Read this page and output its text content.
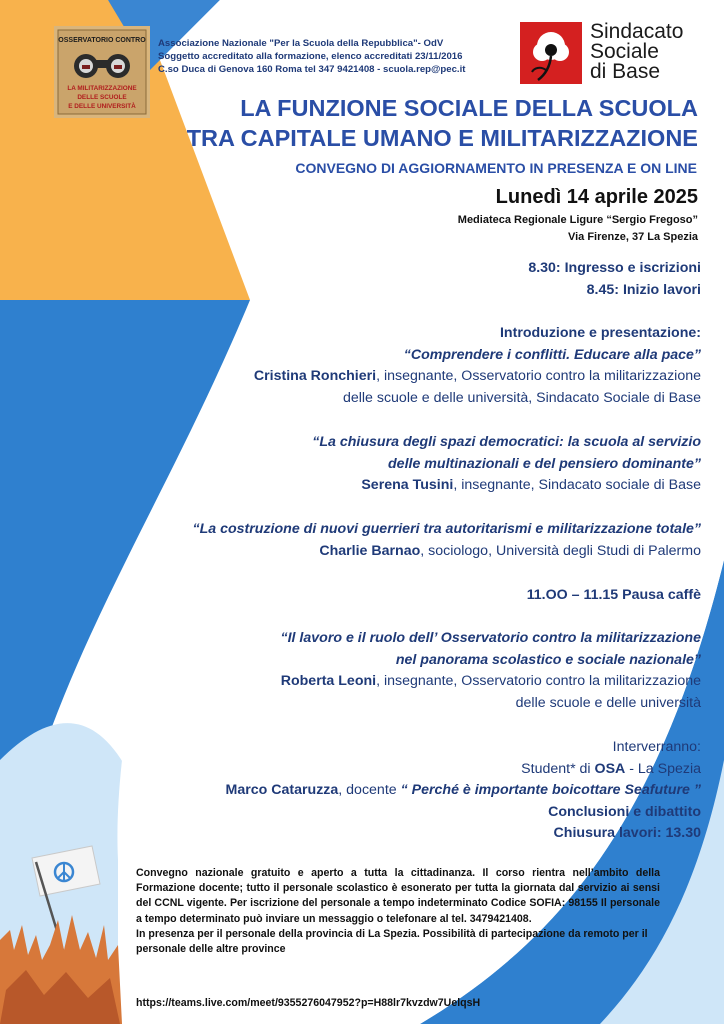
OSSERVATORIO CONTRO
LA MILITARIZZAZIONE
DELLE SCUOLE
E DELLE UNIVERSITÀ
Associazione Nazionale "Per la Scuola della Repubblica"- OdV
Soggetto accreditato alla formazione, elenco accreditati 23/11/2016
C.so Duca di Genova 160 Roma tel 347 9421408 - scuola.rep@pec.it
Sindacato
Sociale
di Base
LA FUNZIONE SOCIALE DELLA SCUOLA
TRA CAPITALE UMANO E MILITARIZZAZIONE
CONVEGNO DI AGGIORNAMENTO IN PRESENZA E ON LINE
Lunedì 14 aprile 2025
Mediateca Regionale Ligure “Sergio Fregoso”
Via Firenze, 37 La Spezia
8.30: Ingresso e iscrizioni
8.45: Inizio lavori
Introduzione e presentazione:
“Comprendere i conflitti. Educare alla pace”
Cristina Ronchieri, insegnante, Osservatorio contro la militarizzazione
delle scuole e delle università, Sindacato Sociale di Base
“La chiusura degli spazi democratici: la scuola al servizio
delle multinazionali e del pensiero dominante”
Serena Tusini, insegnante, Sindacato sociale di Base
“La costruzione di nuovi guerrieri tra autoritarismi e militarizzazione totale”
Charlie Barnao, sociologo, Università degli Studi di Palermo
11.OO – 11.15 Pausa caffè
“Il lavoro e il ruolo dell’ Osservatorio contro la militarizzazione
nel panorama scolastico e sociale nazionale”
Roberta Leoni, insegnante, Osservatorio contro la militarizzazione
delle scuole e delle università
Interverranno:
Student* di OSA - La Spezia
Marco Cataruzza, docente “ Perché è importante boicottare Seafuture ”
Conclusioni e dibattito
Chiusura lavori: 13.30

Convegno nazionale gratuito e aperto a tutta la cittadinanza. Il corso rientra nell’ambito della Formazione docente; tutto il personale scolastico è esonerato per tutta la giornata dal servizio ai sensi del CCNL vigente. Per iscrizione del personale a tempo indeterminato Codice SOFIA: 98155 Il personale a tempo determinato può inviare un messaggio o telefonare al tel. 3479421408.

In presenza per il personale della provincia di La Spezia. Possibilità di partecipazione da remoto per il personale delle altre province

https://teams.live.com/meet/9355276047952?p=H88lr7kvzdw7UelqsH
